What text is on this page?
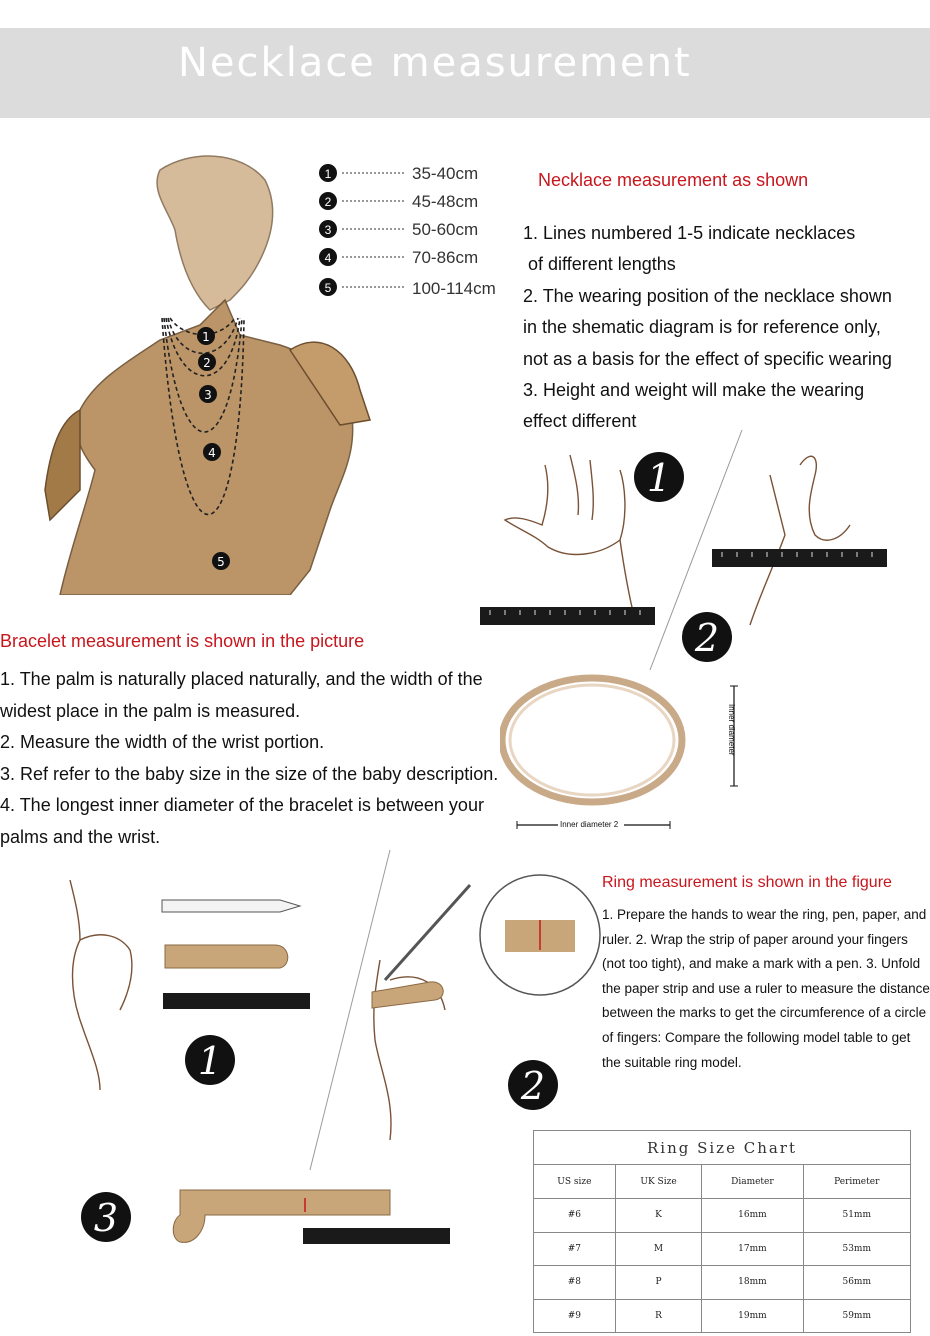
Necklace measurement
1
2
3
4
5
1	35-40cm
2	45-48cm
3	50-60cm
4	70-86cm
5	100-114cm
Necklace measurement as shown

1. Lines numbered 1-5 indicate necklaces

of different lengths

2. The wearing position of the necklace shown

in the shematic diagram is for reference only,

not as a basis for the effect of specific wearing

3. Height and weight will make the wearing

effect different

1
2
Bracelet measurement is shown in the picture

1. The palm is naturally placed naturally, and the width of the

widest place in the palm is measured.

2. Measure the width of the wrist portion.

3. Ref refer to the baby size in the size of the baby description.

4. The longest inner diameter of the bracelet is between your

palms and the wrist.

Inner diameter
Inner diameter 2
1
2
3
Ring measurement is shown in the figure
1. Prepare the hands to wear the ring, pen, paper, and ruler. 2. Wrap the strip of paper around your fingers (not too tight), and make a mark with a pen. 3. Unfold the paper strip and use a ruler to measure the distance between the marks to get the circumference of a circle of fingers: Compare the following model table to get the suitable ring model.
Ring Size Chart			
US size	UK Size	Diameter	Perimeter
#6	K	16mm	51mm
#7	M	17mm	53mm
#8	P	18mm	56mm
#9	R	19mm	59mm
